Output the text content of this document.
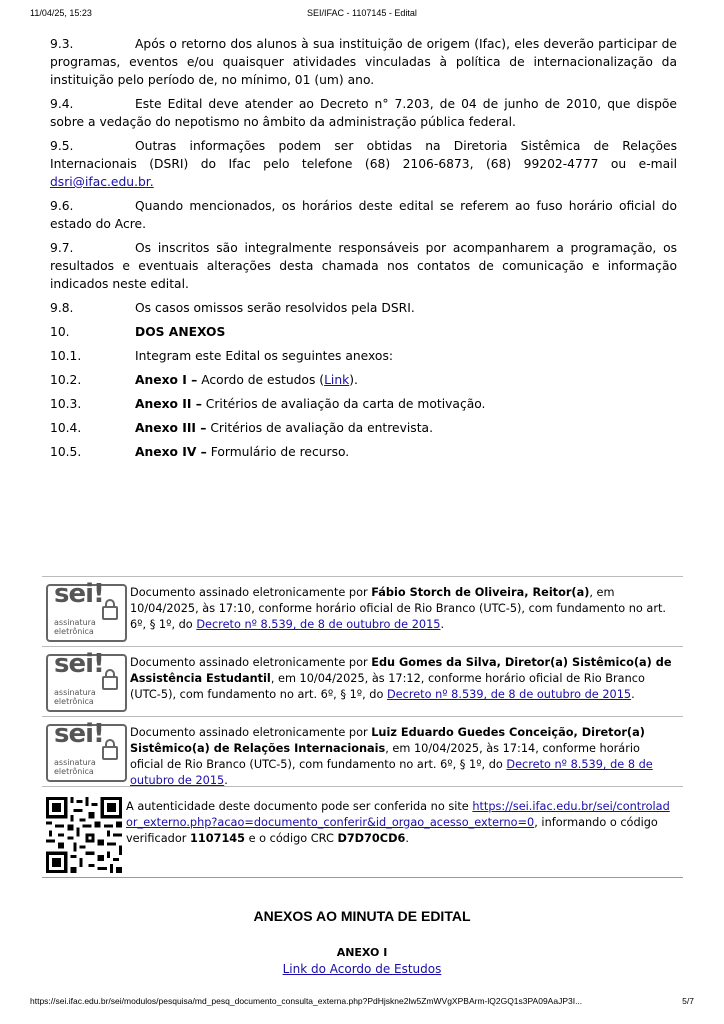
11/04/25, 15:23	SEI/IFAC - 1107145 - Edital

9.3.	Após o retorno dos alunos à sua instituição de origem (Ifac), eles deverão participar de programas, eventos e/ou quaisquer atividades vinculadas à política de internacionalização da instituição pelo período de, no mínimo, 01 (um) ano.

9.4.	Este Edital deve atender ao Decreto n° 7.203, de 04 de junho de 2010, que dispõe sobre a vedação do nepotismo no âmbito da administração pública federal.

9.5.	Outras informações podem ser obtidas na Diretoria Sistêmica de Relações Internacionais (DSRI) do Ifac pelo telefone (68) 2106-6873, (68) 99202-4777 ou e-mail dsri@ifac.edu.br.

9.6.	Quando mencionados, os horários deste edital se referem ao fuso horário oficial do estado do Acre.

9.7.	Os inscritos são integralmente responsáveis por acompanharem a programação, os resultados e eventuais alterações desta chamada nos contatos de comunicação e informação indicados neste edital.

9.8.	Os casos omissos serão resolvidos pela DSRI.
10.	DOS ANEXOS
10.1.	Integram este Edital os seguintes anexos:
10.2.	Anexo I – Acordo de estudos (Link).
10.3.	Anexo II – Critérios de avaliação da carta de motivação.
10.4.	Anexo III – Critérios de avaliação da entrevista.
10.5.	Anexo IV – Formulário de recurso.
sei!
assinatura
eletrônica
Documento assinado eletronicamente por Fábio Storch de Oliveira, Reitor(a), em 10/04/2025, às 17:10, conforme horário oficial de Rio Branco (UTC-5), com fundamento no art. 6º, § 1º, do Decreto nº 8.539, de 8 de outubro de 2015.
sei!
assinatura
eletrônica
Documento assinado eletronicamente por Edu Gomes da Silva, Diretor(a) Sistêmico(a) de Assistência Estudantil, em 10/04/2025, às 17:12, conforme horário oficial de Rio Branco (UTC-5), com fundamento no art. 6º, § 1º, do Decreto nº 8.539, de 8 de outubro de 2015.
sei!
assinatura
eletrônica
Documento assinado eletronicamente por Luiz Eduardo Guedes Conceição, Diretor(a) Sistêmico(a) de Relações Internacionais, em 10/04/2025, às 17:14, conforme horário oficial de Rio Branco (UTC-5), com fundamento no art. 6º, § 1º, do Decreto nº 8.539, de 8 de outubro de 2015.
A autenticidade deste documento pode ser conferida no site https://sei.ifac.edu.br/sei/controlador_externo.php?acao=documento_conferir&id_orgao_acesso_externo=0, informando o código verificador 1107145 e o código CRC D7D70CD6.
ANEXOS AO MINUTA DE EDITAL
ANEXO I
Link do Acordo de Estudos
https://sei.ifac.edu.br/sei/modulos/pesquisa/md_pesq_documento_consulta_externa.php?PdHjskne2lw5ZmWVgXPBArm-lQ2GQ1s3PA09AaJP3I...	5/7
